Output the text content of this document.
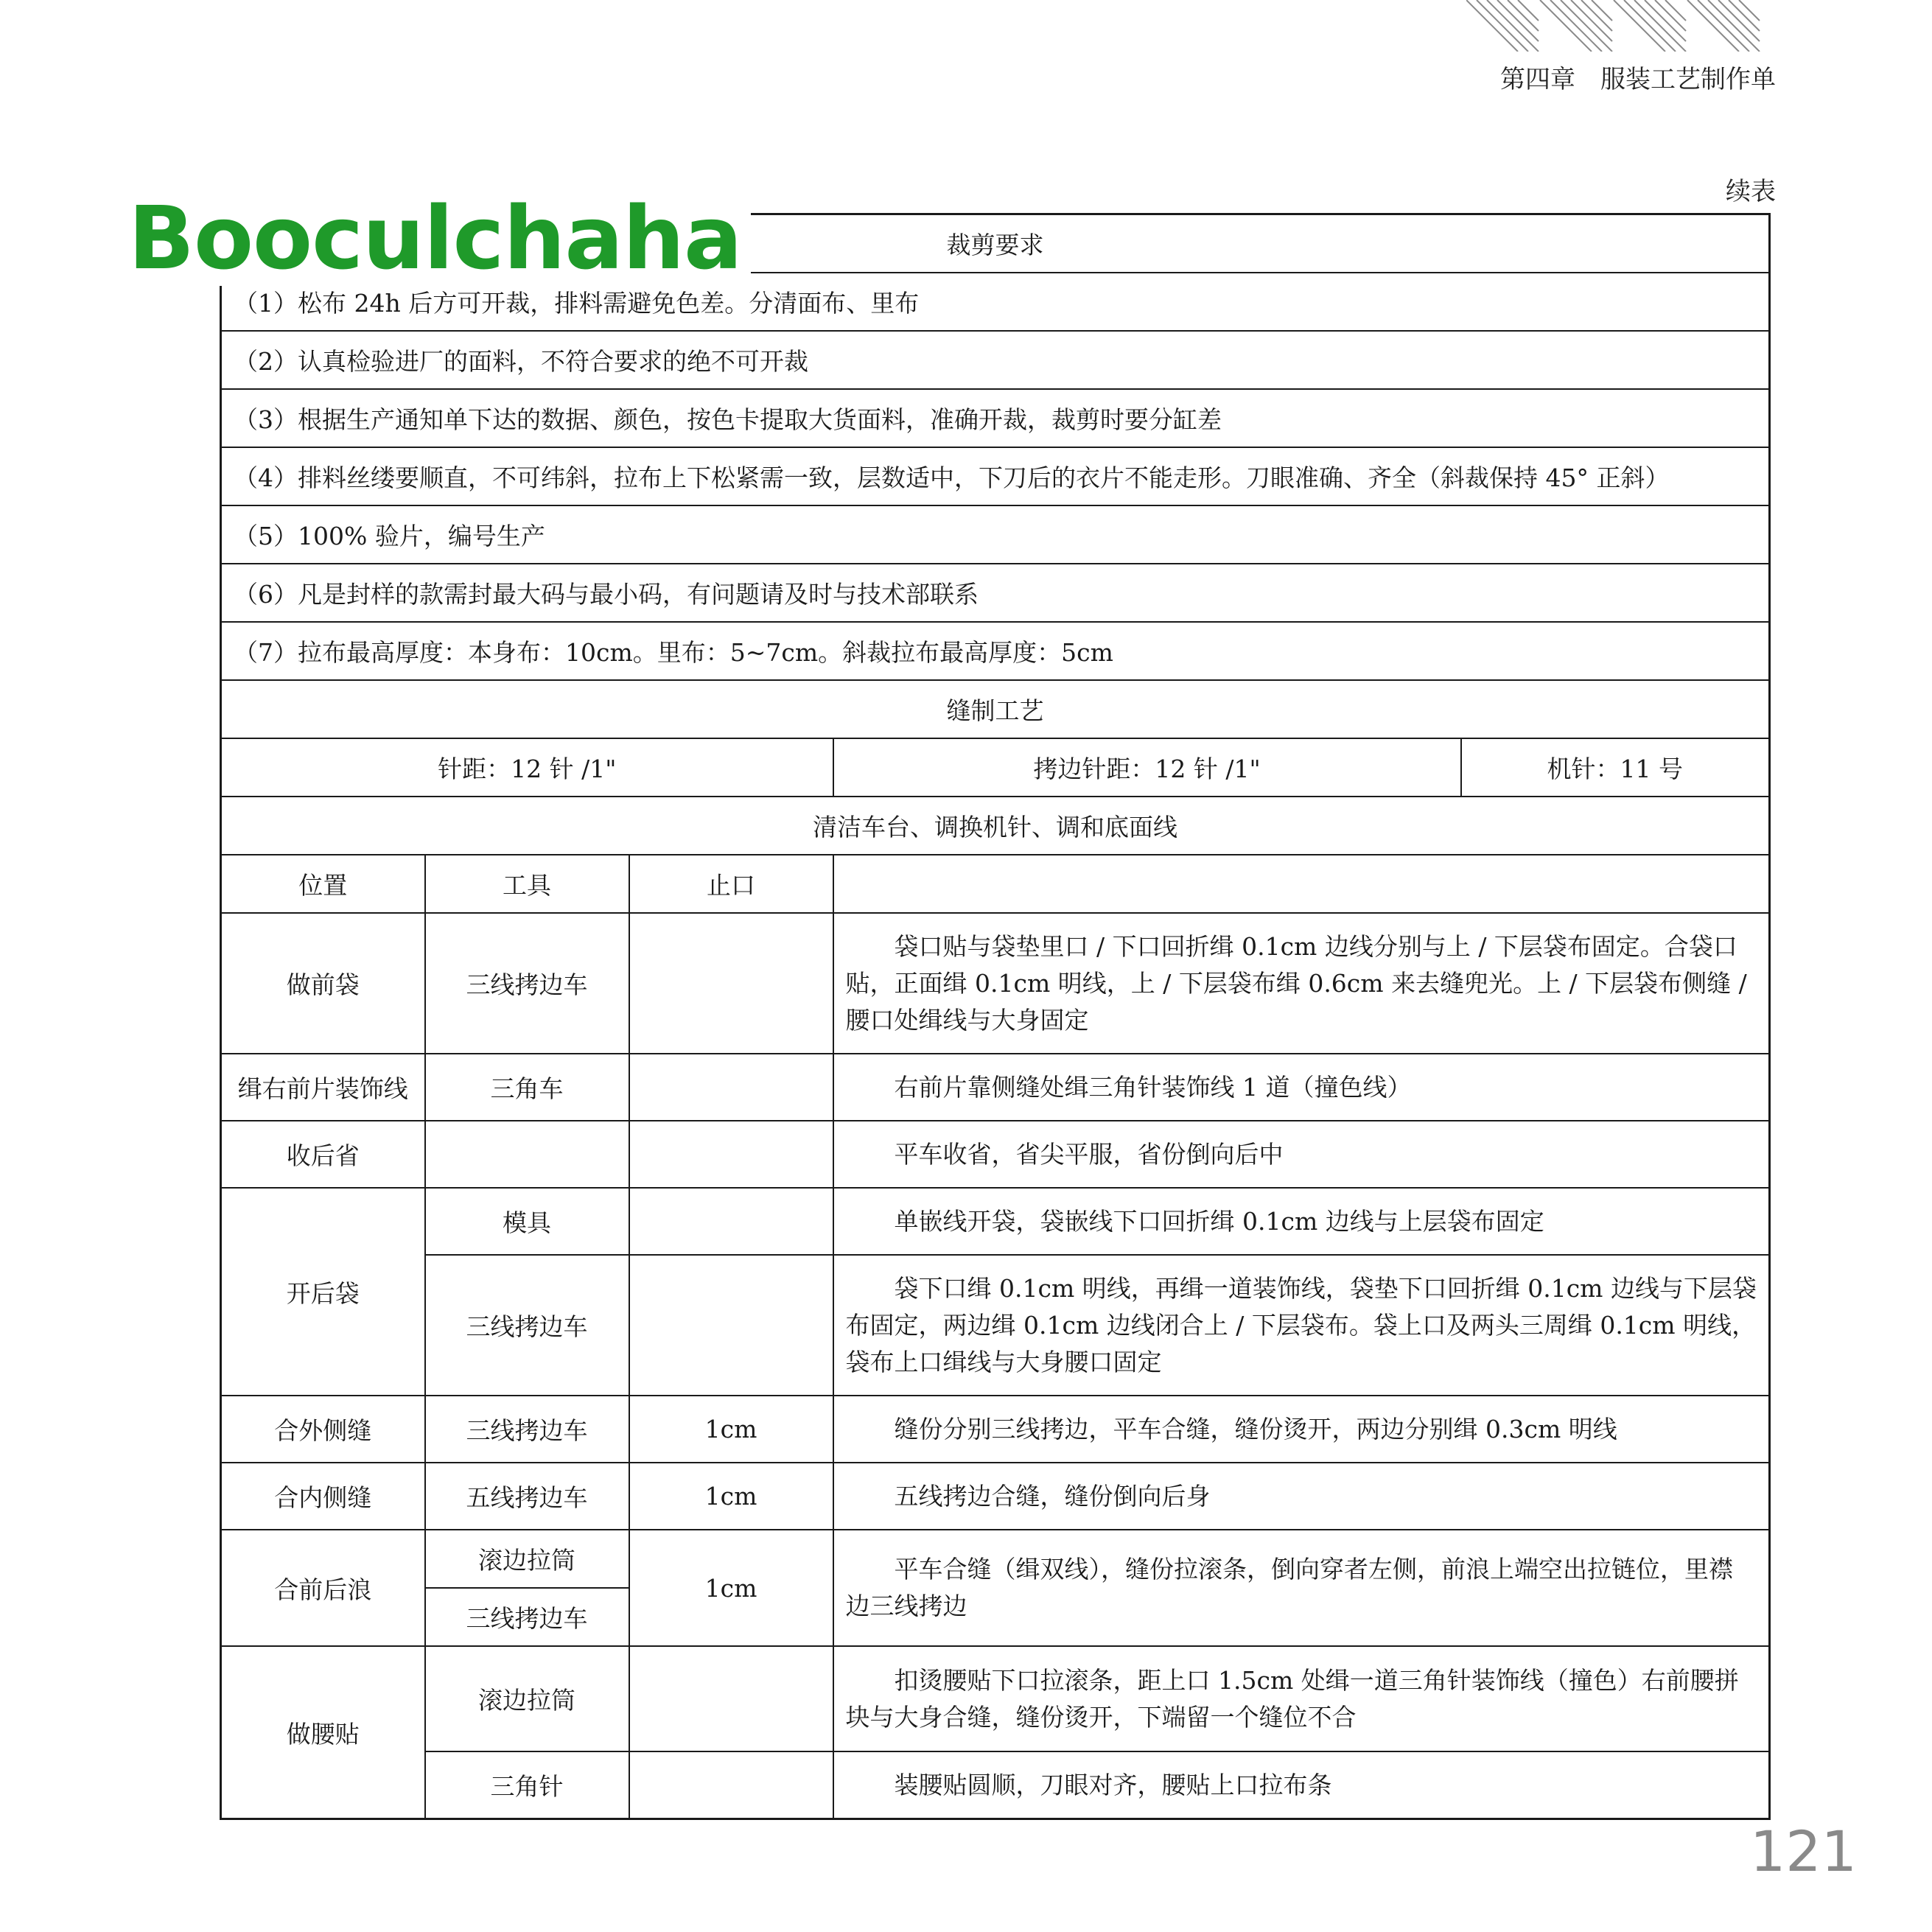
第四章　服装工艺制作单
续表
Booculchaha	裁剪要求				
（1）松布 24h 后方可开裁，排料需避免色差。分清面布、里布				
（2）认真检验进厂的面料，不符合要求的绝不可开裁				
（3）根据生产通知单下达的数据、颜色，按色卡提取大货面料，准确开裁，裁剪时要分缸差				
（4）排料丝缕要顺直，不可纬斜，拉布上下松紧需一致，层数适中，下刀后的衣片不能走形。刀眼准确、齐全（斜裁保持 45° 正斜）				
（5）100% 验片，编号生产				
（6）凡是封样的款需封最大码与最小码，有问题请及时与技术部联系				
（7）拉布最高厚度：本身布：10cm。里布：5~7cm。斜裁拉布最高厚度：5cm				
缝制工艺				
针距：12 针 /1"			拷边针距：12 针 /1"	机针：11 号
清洁车台、调换机针、调和底面线				
位置	工具	止口		
做前袋	三线拷边车		袋口贴与袋垫里口 / 下口回折缉 0.1cm 边线分别与上 / 下层袋布固定。合袋口贴，正面缉 0.1cm 明线，上 / 下层袋布缉 0.6cm 来去缝兜光。上 / 下层袋布侧缝 / 腰口处缉线与大身固定	
缉右前片装饰线	三角车		右前片靠侧缝处缉三角针装饰线 1 道（撞色线）	
收后省			平车收省，省尖平服，省份倒向后中	
开后袋	模具		单嵌线开袋，袋嵌线下口回折缉 0.1cm 边线与上层袋布固定	
	三线拷边车		袋下口缉 0.1cm 明线，再缉一道装饰线，袋垫下口回折缉 0.1cm 边线与下层袋布固定，两边缉 0.1cm 边线闭合上 / 下层袋布。袋上口及两头三周缉 0.1cm 明线，袋布上口缉线与大身腰口固定	
合外侧缝	三线拷边车	1cm	缝份分别三线拷边，平车合缝，缝份烫开，两边分别缉 0.3cm 明线	
合内侧缝	五线拷边车	1cm	五线拷边合缝，缝份倒向后身	
合前后浪	滚边拉筒	1cm	平车合缝（缉双线），缝份拉滚条，倒向穿者左侧，前浪上端空出拉链位，里襟边三线拷边	
	三线拷边车			
做腰贴	滚边拉筒		扣烫腰贴下口拉滚条，距上口 1.5cm 处缉一道三角针装饰线（撞色）右前腰拼块与大身合缝，缝份烫开，下端留一个缝位不合	
	三角针		装腰贴圆顺，刀眼对齐，腰贴上口拉布条	
121
